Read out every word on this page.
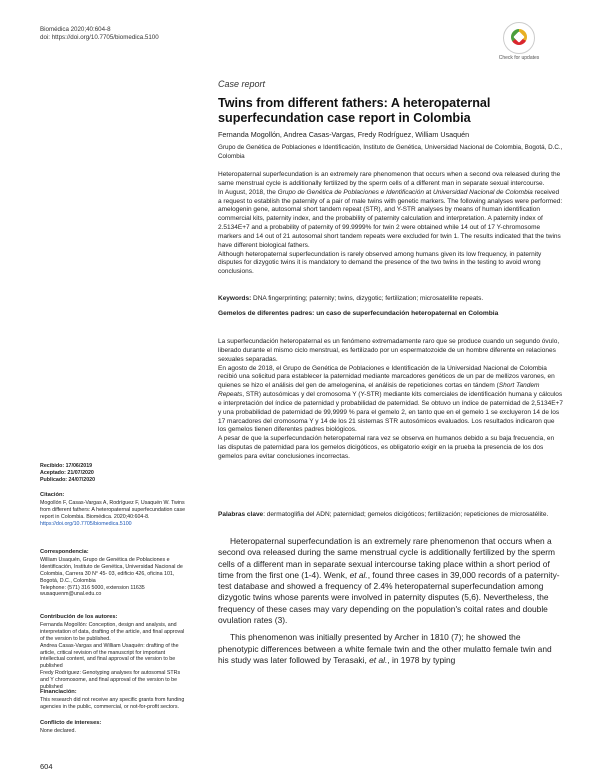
Biomédica 2020;40:604-8
doi: https://doi.org/10.7705/biomedica.5100
Check for updates
Case report
Twins from different fathers: A heteropaternal superfecundation case report in Colombia
Fernanda Mogollón, Andrea Casas-Vargas, Fredy Rodríguez, William Usaquén
Grupo de Genética de Poblaciones e Identificación, Instituto de Genética, Universidad Nacional de Colombia, Bogotá, D.C., Colombia

Heteropaternal superfecundation is an extremely rare phenomenon that occurs when a second ova released during the same menstrual cycle is additionally fertilized by the sperm cells of a different man in separate sexual intercourse.

In August, 2018, the Grupo de Genética de Poblaciones e Identificación at Universidad Nacional de Colombia received a request to establish the paternity of a pair of male twins with genetic markers. The following analyses were performed: amelogenin gene, autosomal short tandem repeat (STR), and Y-STR analyses by means of human identification commercial kits, paternity index, and the probability of paternity calculation and interpretation. A paternity index of 2.5134E+7 and a probability of paternity of 99.9999% for twin 2 were obtained while 14 out of 17 Y-chromosome markers and 14 out of 21 autosomal short tandem repeats were excluded for twin 1. The results indicated that the twins have different biological fathers.

Although heteropaternal superfecundation is rarely observed among humans given its low frequency, in paternity disputes for dizygotic twins it is mandatory to demand the presence of the two twins in the testing to avoid wrong conclusions.

Keywords: DNA fingerprinting; paternity; twins, dizygotic; fertilization; microsatellite repeats.
Gemelos de diferentes padres: un caso de superfecundación heteropaternal en Colombia

La superfecundación heteropaternal es un fenómeno extremadamente raro que se produce cuando un segundo óvulo, liberado durante el mismo ciclo menstrual, es fertilizado por un espermatozoide de un hombre diferente en relaciones sexuales separadas.

En agosto de 2018, el Grupo de Genética de Poblaciones e Identificación de la Universidad Nacional de Colombia recibió una solicitud para establecer la paternidad mediante marcadores genéticos de un par de mellizos varones, en quienes se hizo el análisis del gen de amelogenina, el análisis de repeticiones cortas en tándem (Short Tandem Repeats, STR) autosómicas y del cromosoma Y (Y-STR) mediante kits comerciales de identificación humana y cálculos e interpretación del índice de paternidad y probabilidad de paternidad. Se obtuvo un índice de paternidad de 2,5134E+7 y una probabilidad de paternidad de 99,9999 % para el gemelo 2, en tanto que en el gemelo 1 se excluyeron 14 de los 17 marcadores del cromosoma Y y 14 de los 21 sistemas STR autosómicos evaluados. Los resultados indicaron que los gemelos tienen diferentes padres biológicos.

A pesar de que la superfecundación heteropaternal rara vez se observa en humanos debido a su baja frecuencia, en las disputas de paternidad para los gemelos dicigóticos, es obligatorio exigir en la prueba la presencia de los dos gemelos para evitar conclusiones incorrectas.

Palabras clave: dermatoglifia del ADN; paternidad; gemelos dicigóticos; fertilización; repeticiones de microsatélite.

Heteropaternal superfecundation is an extremely rare phenomenon that occurs when a second ova released during the same menstrual cycle is additionally fertilized by the sperm cells of a different man in separate sexual intercourse taking place within a short period of time from the first one (1-4). Wenk, et al., found three cases in 39,000 records of a paternity-test database and showed a frequency of 2.4% heteropaternal superfecundation among dizygotic twins whose parents were involved in paternity disputes (5,6). Nevertheless, the frequency of these cases may vary depending on the population's coital rates and double ovulation rates (3).

This phenomenon was initially presented by Archer in 1810 (7); he showed the phenotypic differences between a white female twin and the other mulatto female twin and his study was later followed by Terasaki, et al., in 1978 by typing

Recibido: 17/06/2019
Aceptado: 21/07/2020
Publicado: 24/07/2020
Citación:
Mogollón F, Casas-Vargas A, Rodríguez F, Usaquén W. Twins from different fathers: A heteropaternal superfecundation case report in Colombia. Biomédica. 2020;40:604-8.
https://doi.org/10.7705/biomedica.5100
Correspondencia:
William Usaquén, Grupo de Genética de Poblaciones e Identificación, Instituto de Genética, Universidad Nacional de Colombia, Carrera 30 N° 45- 03, edificio 426, oficina 101, Bogotá, D.C., Colombia
Telephone: (571) 316 5000, extension 11635
wusaquenm@unal.edu.co
Contribución de los autores:
Fernanda Mogollón: Conception, design and analysis, and interpretation of data, drafting of the article, and final approval of the version to be published.
Andrea Casas-Vargas and William Usaquén: drafting of the article, critical revision of the manuscript for important intellectual content, and final approval of the version to be published
Fredy Rodríguez: Genotyping analyses for autosomal STRs and Y chromosome, and final approval of the version to be published
Financiación:
This research did not receive any specific grants from funding agencies in the public, commercial, or not-for-profit sectors.
Conflicto de intereses:
None declared.
604
